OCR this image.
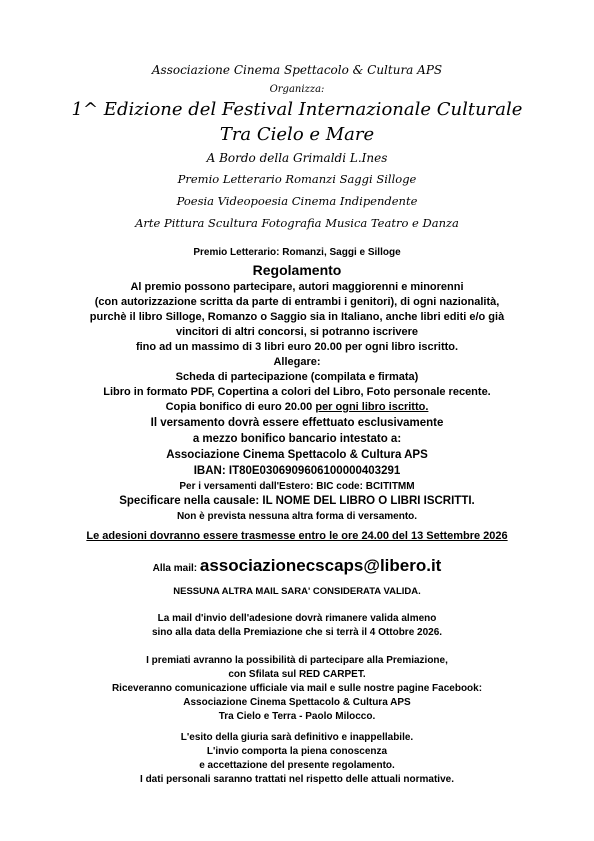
Associazione Cinema Spettacolo & Cultura APS
Organizza:
1^ Edizione del Festival Internazionale Culturale
Tra Cielo e Mare
A Bordo della Grimaldi L.Ines
Premio Letterario Romanzi Saggi Silloge
Poesia Videopoesia Cinema Indipendente
Arte Pittura Scultura Fotografia Musica Teatro e Danza
Premio Letterario: Romanzi, Saggi e Silloge
Regolamento
Al premio possono partecipare, autori maggiorenni e minorenni
(con autorizzazione scritta da parte di entrambi i genitori), di ogni nazionalità,
purchè il libro Silloge, Romanzo o Saggio sia in Italiano, anche libri editi e/o già
vincitori di altri concorsi, si potranno iscrivere
fino ad un massimo di 3 libri euro 20.00 per ogni libro iscritto.
Allegare:
Scheda di partecipazione (compilata e firmata)
Libro in formato PDF, Copertina a colori del Libro, Foto personale recente.
Copia bonifico di euro 20.00 per ogni libro iscritto.
Il versamento dovrà essere effettuato esclusivamente
a mezzo bonifico bancario intestato a:
Associazione Cinema Spettacolo & Cultura APS
IBAN: IT80E0306909606100000403291
Per i versamenti dall'Estero: BIC code: BCITITMM
Specificare nella causale: IL NOME DEL LIBRO O LIBRI ISCRITTI.
Non è prevista nessuna altra forma di versamento.
Le adesioni dovranno essere trasmesse entro le ore 24.00 del 13 Settembre 2026
Alla mail: associazionecscaps@libero.it
NESSUNA ALTRA MAIL SARA' CONSIDERATA VALIDA.
La mail d'invio dell'adesione dovrà rimanere valida almeno
sino alla data della Premiazione che si terrà il 4 Ottobre 2026.
I premiati avranno la possibilità di partecipare alla Premiazione,
con Sfilata sul RED CARPET.
Riceveranno comunicazione ufficiale via mail e sulle nostre pagine Facebook:
Associazione Cinema Spettacolo & Cultura APS
Tra Cielo e Terra - Paolo Milocco.
L'esito della giuria sarà definitivo e inappellabile.
L'invio comporta la piena conoscenza
e accettazione del presente regolamento.
I dati personali saranno trattati nel rispetto delle attuali normative.
